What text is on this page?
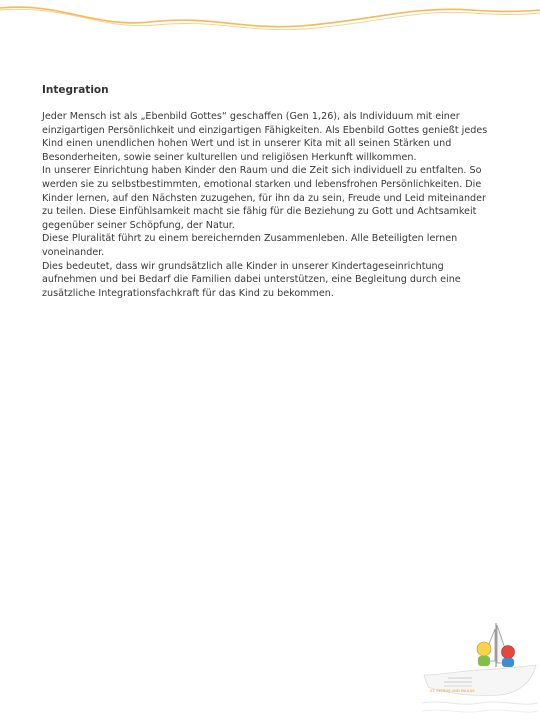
Integration

Jeder Mensch ist als „Ebenbild Gottes“ geschaffen (Gen 1,26), als Individuum mit einer einzigartigen Persönlichkeit und einzigartigen Fähigkeiten. Als Ebenbild Gottes genießt jedes Kind einen unendlichen hohen Wert und ist in unserer Kita mit all seinen Stärken und Besonderheiten, sowie seiner kulturellen und religiösen Herkunft willkommen.

In unserer Einrichtung haben Kinder den Raum und die Zeit sich individuell zu entfalten. So werden sie zu selbstbestimmten, emotional starken und lebensfrohen Persönlichkeiten. Die Kinder lernen, auf den Nächsten zuzugehen, für ihn da zu sein, Freude und Leid miteinander zu teilen. Diese Einfühlsamkeit macht sie fähig für die Beziehung zu Gott und Achtsamkeit gegenüber seiner Schöpfung, der Natur.

Diese Pluralität führt zu einem bereichernden Zusammenleben. Alle Beteiligten lernen voneinander.

Dies bedeutet, dass wir grundsätzlich alle Kinder in unserer Kindertageseinrichtung aufnehmen und bei Bedarf die Familien dabei unterstützen, eine Begleitung durch eine zusätzliche Integrationsfachkraft für das Kind zu bekommen.

ST. PETRUS UND PAULUS
